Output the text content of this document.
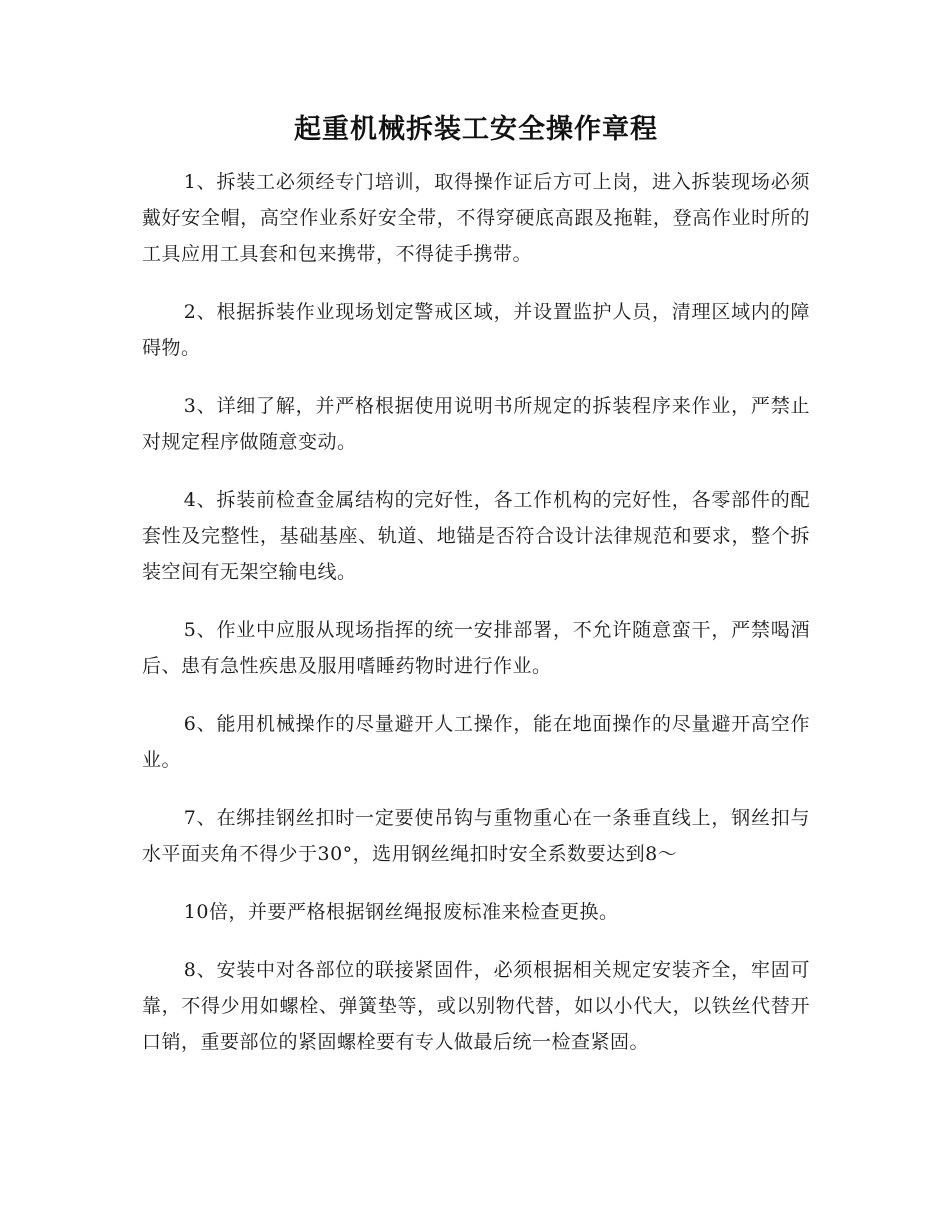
起重机械拆装工安全操作章程

1、拆装工必须经专门培训，取得操作证后方可上岗，进入拆装现场必须戴好安全帽，高空作业系好安全带，不得穿硬底高跟及拖鞋，登高作业时所的工具应用工具套和包来携带，不得徒手携带。

2、根据拆装作业现场划定警戒区域，并设置监护人员，清理区域内的障碍物。

3、详细了解，并严格根据使用说明书所规定的拆装程序来作业，严禁止对规定程序做随意变动。

4、拆装前检查金属结构的完好性，各工作机构的完好性，各零部件的配套性及完整性，基础基座、轨道、地锚是否符合设计法律规范和要求，整个拆装空间有无架空输电线。

5、作业中应服从现场指挥的统一安排部署，不允许随意蛮干，严禁喝酒后、患有急性疾患及服用嗜睡药物时进行作业。

6、能用机械操作的尽量避开人工操作，能在地面操作的尽量避开高空作业。

7、在绑挂钢丝扣时一定要使吊钩与重物重心在一条垂直线上，钢丝扣与水平面夹角不得少于30°，选用钢丝绳扣时安全系数要达到8～

10倍，并要严格根据钢丝绳报废标准来检查更换。

8、安装中对各部位的联接紧固件，必须根据相关规定安装齐全，牢固可靠，不得少用如螺栓、弹簧垫等，或以别物代替，如以小代大，以铁丝代替开口销，重要部位的紧固螺栓要有专人做最后统一检查紧固。
